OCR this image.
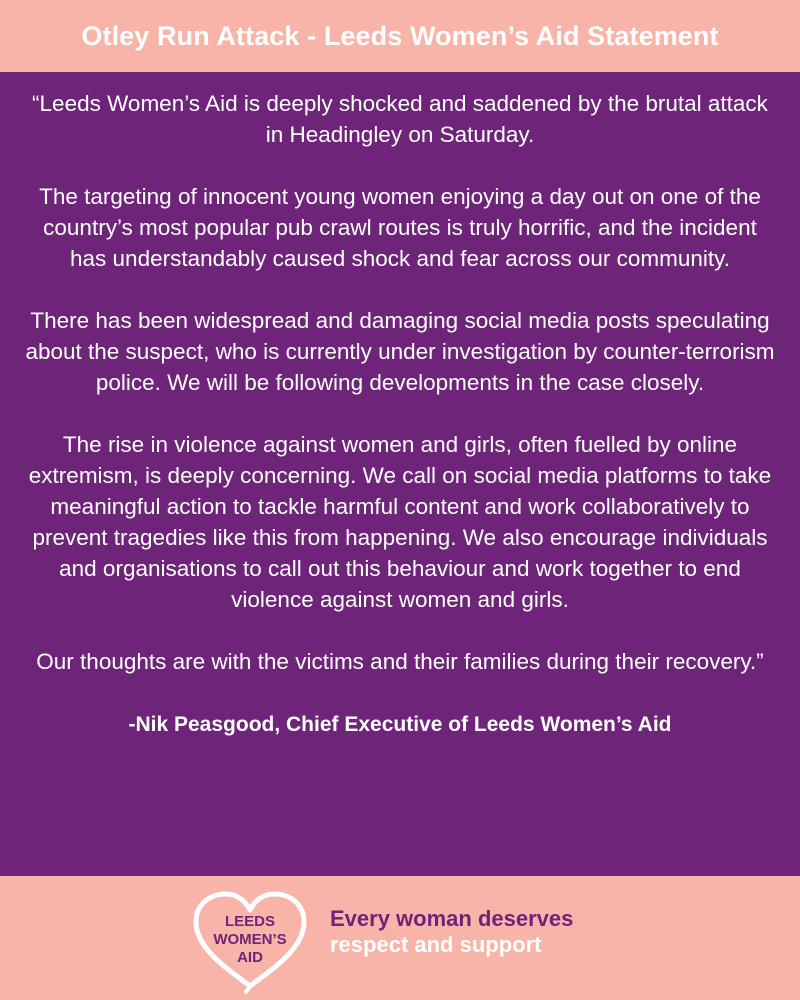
Otley Run Attack - Leeds Women’s Aid Statement

“Leeds Women’s Aid is deeply shocked and saddened by the brutal attack in Headingley on Saturday.

The targeting of innocent young women enjoying a day out on one of the country’s most popular pub crawl routes is truly horrific, and the incident has understandably caused shock and fear across our community.

There has been widespread and damaging social media posts speculating about the suspect, who is currently under investigation by counter-terrorism police. We will be following developments in the case closely.

The rise in violence against women and girls, often fuelled by online extremism, is deeply concerning. We call on social media platforms to take meaningful action to tackle harmful content and work collaboratively to prevent tragedies like this from happening. We also encourage individuals and organisations to call out this behaviour and work together to end violence against women and girls.

Our thoughts are with the victims and their families during their recovery.”

-Nik Peasgood, Chief Executive of Leeds Women’s Aid

LEEDS
WOMEN’S
AID
Every woman deserves
respect and support
